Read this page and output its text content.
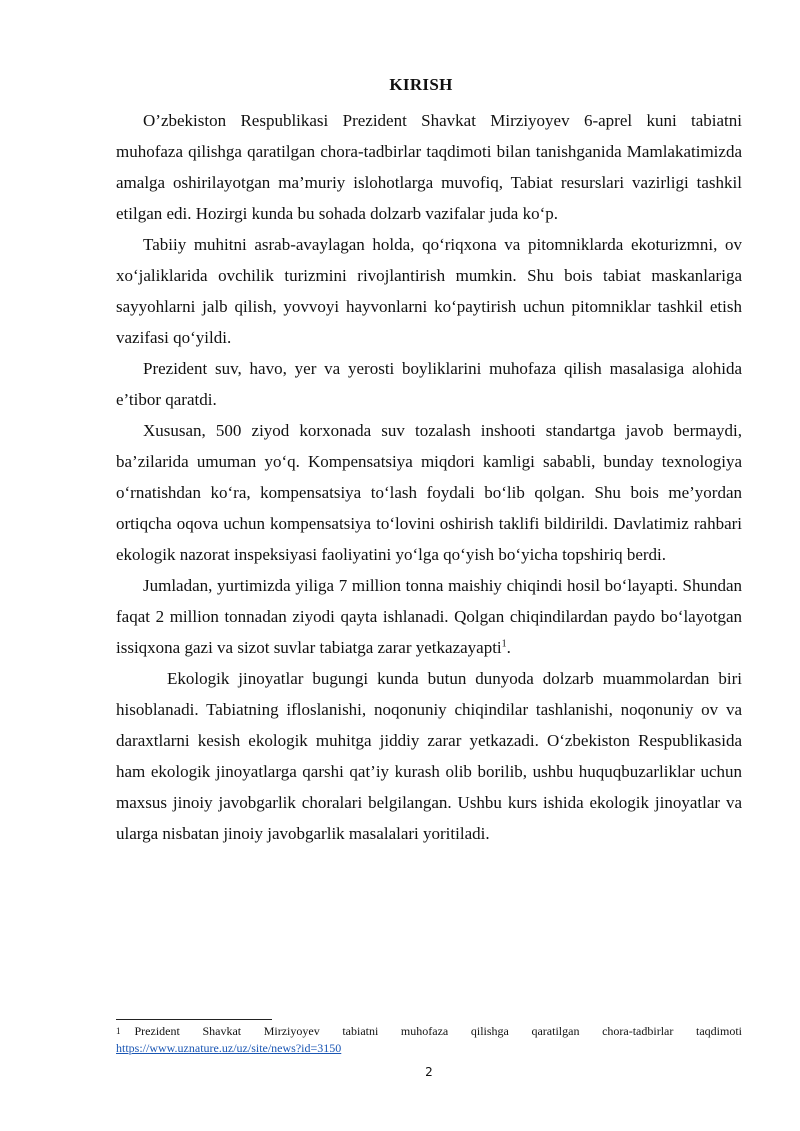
KIRISH

O’zbekiston Respublikasi Prezident Shavkat Mirziyoyev 6-aprel kuni tabiatni muhofaza qilishga qaratilgan chora-tadbirlar taqdimoti bilan tanishganida Mamlakatimizda amalga oshirilayotgan ma’muriy islohotlarga muvofiq, Tabiat resurslari vazirligi tashkil etilgan edi. Hozirgi kunda bu sohada dolzarb vazifalar juda ko‘p.

Tabiiy muhitni asrab-avaylagan holda, qo‘riqxona va pitomniklarda ekoturizmni, ov xo‘jaliklarida ovchilik turizmini rivojlantirish mumkin. Shu bois tabiat maskanlariga sayyohlarni jalb qilish, yovvoyi hayvonlarni ko‘paytirish uchun pitomniklar tashkil etish vazifasi qo‘yildi.

Prezident suv, havo, yer va yerosti boyliklarini muhofaza qilish masalasiga alohida e’tibor qaratdi.

Xususan, 500 ziyod korxonada suv tozalash inshooti standartga javob bermaydi, ba’zilarida umuman yo‘q. Kompensatsiya miqdori kamligi sababli, bunday texnologiya o‘rnatishdan ko‘ra, kompensatsiya to‘lash foydali bo‘lib qolgan. Shu bois me’yordan ortiqcha oqova uchun kompensatsiya to‘lovini oshirish taklifi bildirildi. Davlatimiz rahbari ekologik nazorat inspeksiyasi faoliyatini yo‘lga qo‘yish bo‘yicha topshiriq berdi.

Jumladan, yurtimizda yiliga 7 million tonna maishiy chiqindi hosil bo‘layapti. Shundan faqat 2 million tonnadan ziyodi qayta ishlanadi. Qolgan chiqindilardan paydo bo‘layotgan issiqxona gazi va sizot suvlar tabiatga zarar yetkazayapti$^1$.

Ekologik jinoyatlar bugungi kunda butun dunyoda dolzarb muammolardan biri hisoblanadi. Tabiatning ifloslanishi, noqonuniy chiqindilar tashlanishi, noqonuniy ov va daraxtlarni kesish ekologik muhitga jiddiy zarar yetkazadi. O‘zbekiston Respublikasida ham ekologik jinoyatlarga qarshi qat’iy kurash olib borilib, ushbu huquqbuzarliklar uchun maxsus jinoiy javobgarlik choralari belgilangan. Ushbu kurs ishida ekologik jinoyatlar va ularga nisbatan jinoiy javobgarlik masalalari yoritiladi.

$^1$ Prezident Shavkat Mirziyoyev tabiatni muhofaza qilishga qaratilgan chora-tadbirlar taqdimoti
https://www.uznature.uz/uz/site/news?id=3150
2
